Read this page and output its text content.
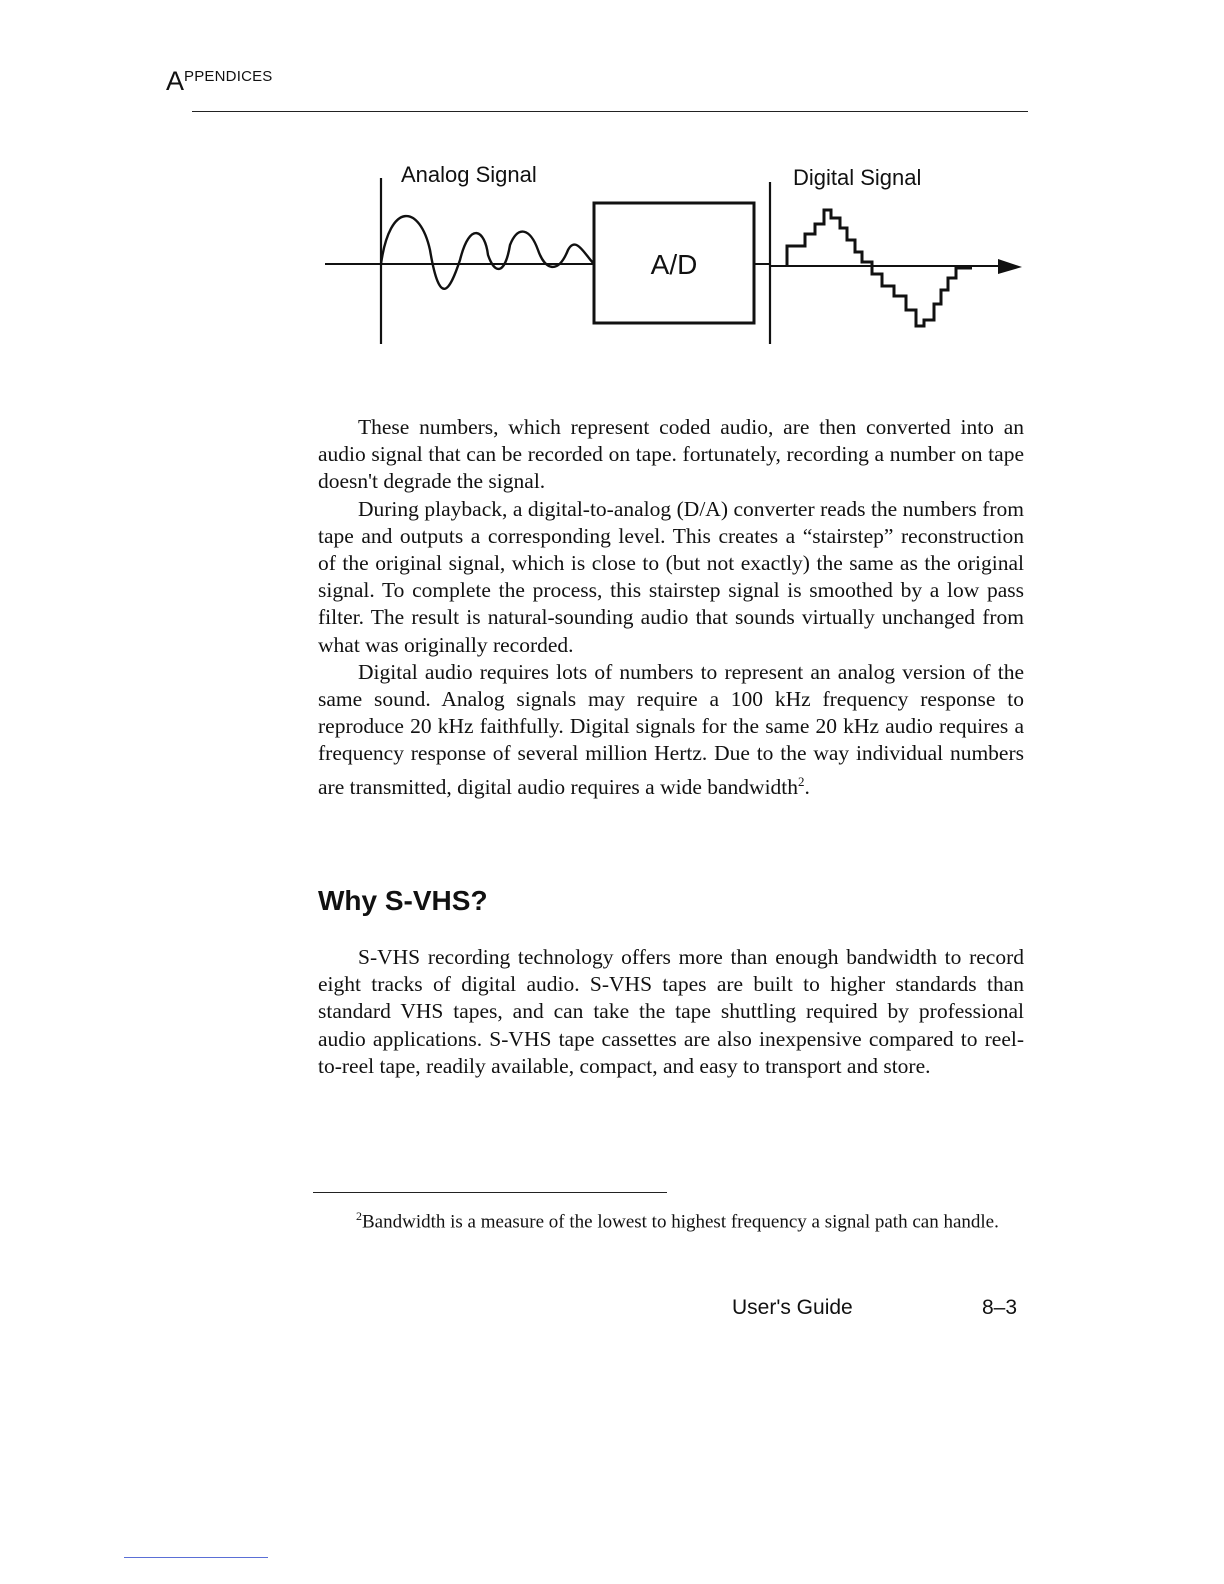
APPENDICES
Analog Signal	Digital Signal
A/D

These numbers, which represent coded audio, are then converted into an audio signal that can be recorded on tape. fortunately, recording a number on tape doesn't degrade the signal.

During playback, a digital-to-analog (D/A) converter reads the numbers from tape and outputs a corresponding level. This creates a “stairstep” reconstruction of the original signal, which is close to (but not exactly) the same as the original signal. To complete the process, this stairstep signal is smoothed by a low pass filter. The result is natural-sounding audio that sounds virtually unchanged from what was originally recorded.

Digital audio requires lots of numbers to represent an analog version of the same sound. Analog signals may require a 100 kHz frequency response to reproduce 20 kHz faithfully. Digital signals for the same 20 kHz audio requires a frequency response of several million Hertz. Due to the way individual numbers are transmitted, digital audio requires a wide bandwidth$^2$.

Why S-VHS?

S-VHS recording technology offers more than enough bandwidth to record eight tracks of digital audio. S-VHS tapes are built to higher standards than standard VHS tapes, and can take the tape shuttling required by professional audio applications. S-VHS tape cassettes are also inexpensive compared to reel-to-reel tape, readily available, compact, and easy to transport and store.

$^2$Bandwidth is a measure of the lowest to highest frequency a signal path can handle.
User's Guide	8–3
